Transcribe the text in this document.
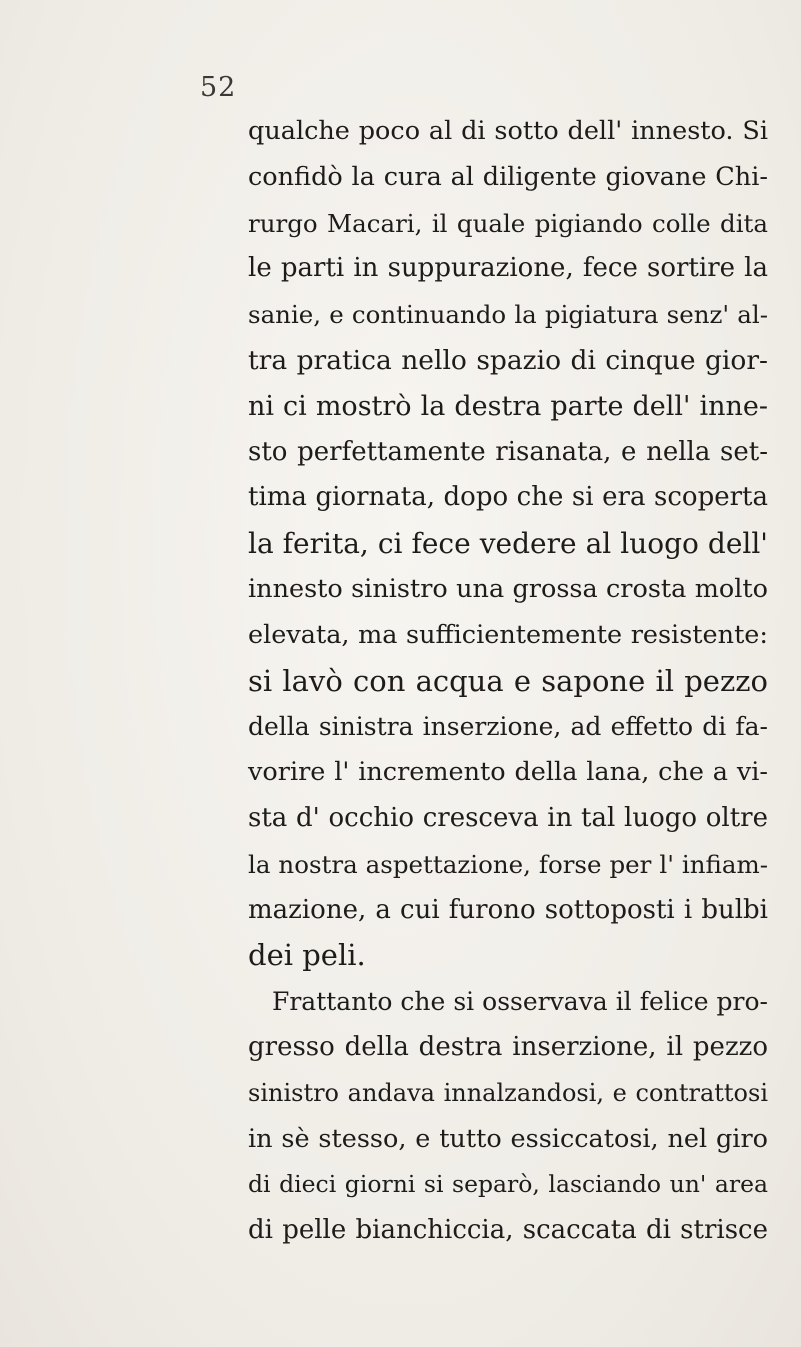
52
qualche poco al di sotto dell' innesto. Si
confidò la cura al diligente giovane Chi-
rurgo Macari, il quale pigiando colle dita
le parti in suppurazione, fece sortire la
sanie, e continuando la pigiatura senz' al-
tra pratica nello spazio di cinque gior-
ni ci mostrò la destra parte dell' inne-
sto perfettamente risanata, e nella set-
tima giornata, dopo che si era scoperta
la ferita, ci fece vedere al luogo dell'
innesto sinistro una grossa crosta molto
elevata, ma sufficientemente resistente:
si lavò con acqua e sapone il pezzo
della sinistra inserzione, ad effetto di fa-
vorire l' incremento della lana, che a vi-
sta d' occhio cresceva in tal luogo oltre
la nostra aspettazione, forse per l' infiam-
mazione, a cui furono sottoposti i bulbi
dei peli.
Frattanto che si osservava il felice pro-
gresso della destra inserzione, il pezzo
sinistro andava innalzandosi, e contrattosi
in sè stesso, e tutto essiccatosi, nel giro
di dieci giorni si separò, lasciando un' area
di pelle bianchiccia, scaccata di strisce
